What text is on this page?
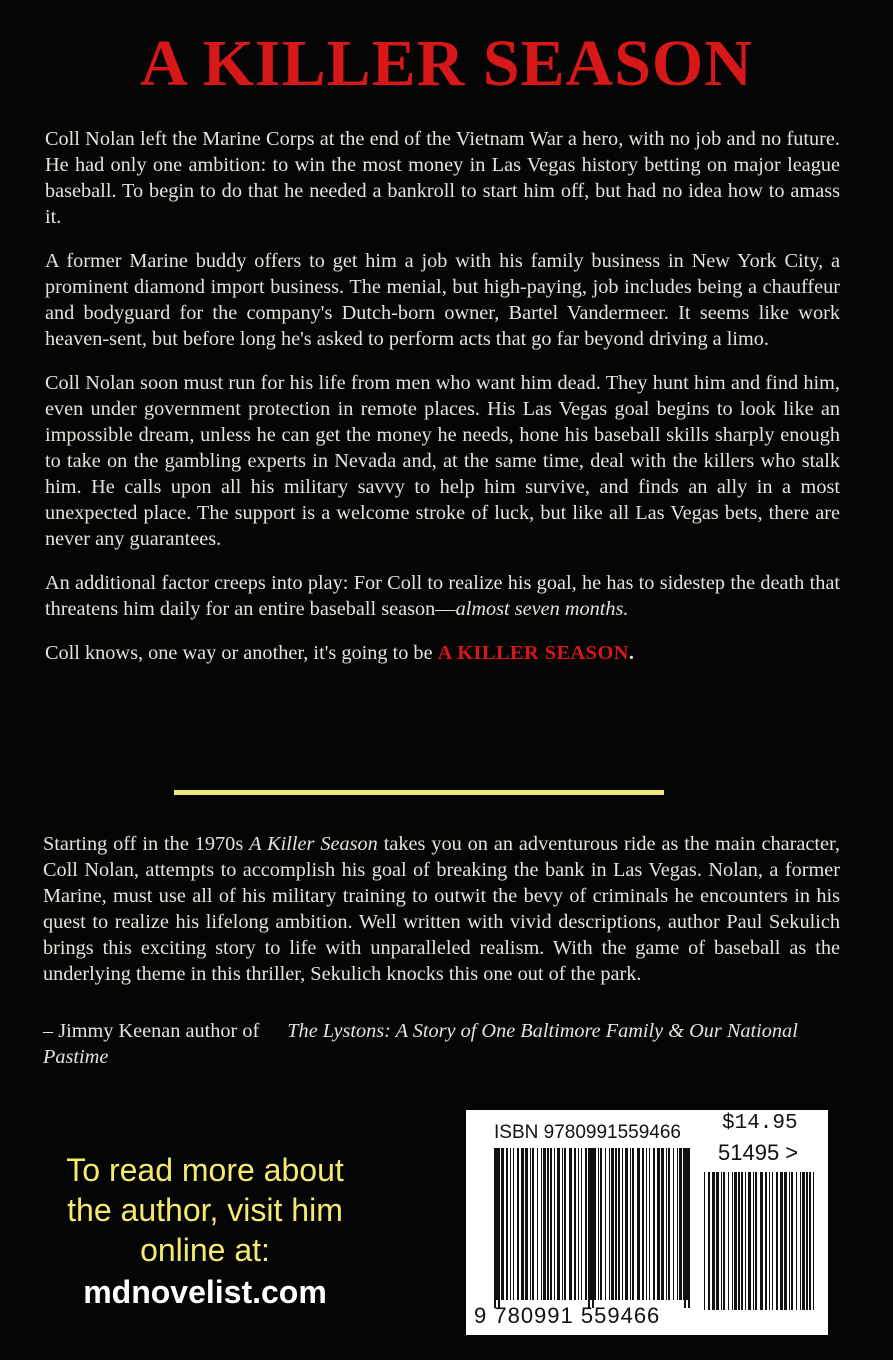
A KILLER SEASON

Coll Nolan left the Marine Corps at the end of the Vietnam War a hero, with no job and no future. He had only one ambition: to win the most money in Las Vegas history betting on major league baseball. To begin to do that he needed a bankroll to start him off, but had no idea how to amass it.

A former Marine buddy offers to get him a job with his family business in New York City, a prominent diamond import business. The menial, but high-paying, job includes being a chauffeur and bodyguard for the company's Dutch-born owner, Bartel Vandermeer. It seems like work heaven-sent, but before long he's asked to perform acts that go far beyond driving a limo.

Coll Nolan soon must run for his life from men who want him dead. They hunt him and find him, even under government protection in remote places. His Las Vegas goal begins to look like an impossible dream, unless he can get the money he needs, hone his baseball skills sharply enough to take on the gambling experts in Nevada and, at the same time, deal with the killers who stalk him. He calls upon all his military savvy to help him survive, and finds an ally in a most unexpected place. The support is a welcome stroke of luck, but like all Las Vegas bets, there are never any guarantees.

An additional factor creeps into play: For Coll to realize his goal, he has to sidestep the death that threatens him daily for an entire baseball season—almost seven months.

Coll knows, one way or another, it's going to be A KILLER SEASON.

Starting off in the 1970s A Killer Season takes you on an adventurous ride as the main character, Coll Nolan, attempts to accomplish his goal of breaking the bank in Las Vegas. Nolan, a former Marine, must use all of his military training to outwit the bevy of criminals he encounters in his quest to realize his lifelong ambition. Well written with vivid descriptions, author Paul Sekulich brings this exciting story to life with unparalleled realism. With the game of baseball as the underlying theme in this thriller, Sekulich knocks this one out of the park.

– Jimmy Keenan author of The Lystons: A Story of One Baltimore Family & Our National Pastime
To read more about
the author, visit him
online at:
mdnovelist.com
ISBN 9780991559466 $14.95
51495 >
9 780991 559466
